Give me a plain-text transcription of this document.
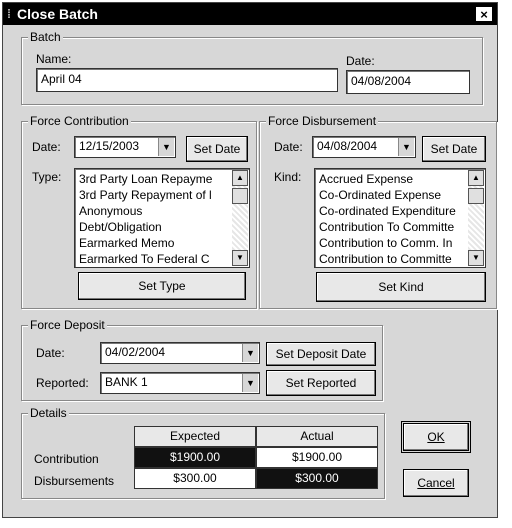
⁞ Close Batch	×
Batch
Name:
April 04
Date:
04/08/2004
Force Contribution
Date:	12/15/2003	▼	Set Date
Type: 3rd Party Loan Repayme
3rd Party Repayment of l
Anonymous
Debt/Obligation
Earmarked Memo
Earmarked To Federal C
▲
▼
Set Type
Force Disbursement
Date:	04/08/2004	▼	Set Date
Kind: Accrued Expense
Co-Ordinated Expense
Co-ordinated Expenditure
Contribution To Committe
Contribution to Comm. In
Contribution to Committe
▲
▼
Set Kind
Force Deposit
Date:	04/02/2004	▼	Set Deposit Date
Reported:	BANK 1	▼	Set Reported
Details
Expected	Actual
Contribution	$1900.00	$1900.00
Disbursements	$300.00	$300.00
OK
Cancel
